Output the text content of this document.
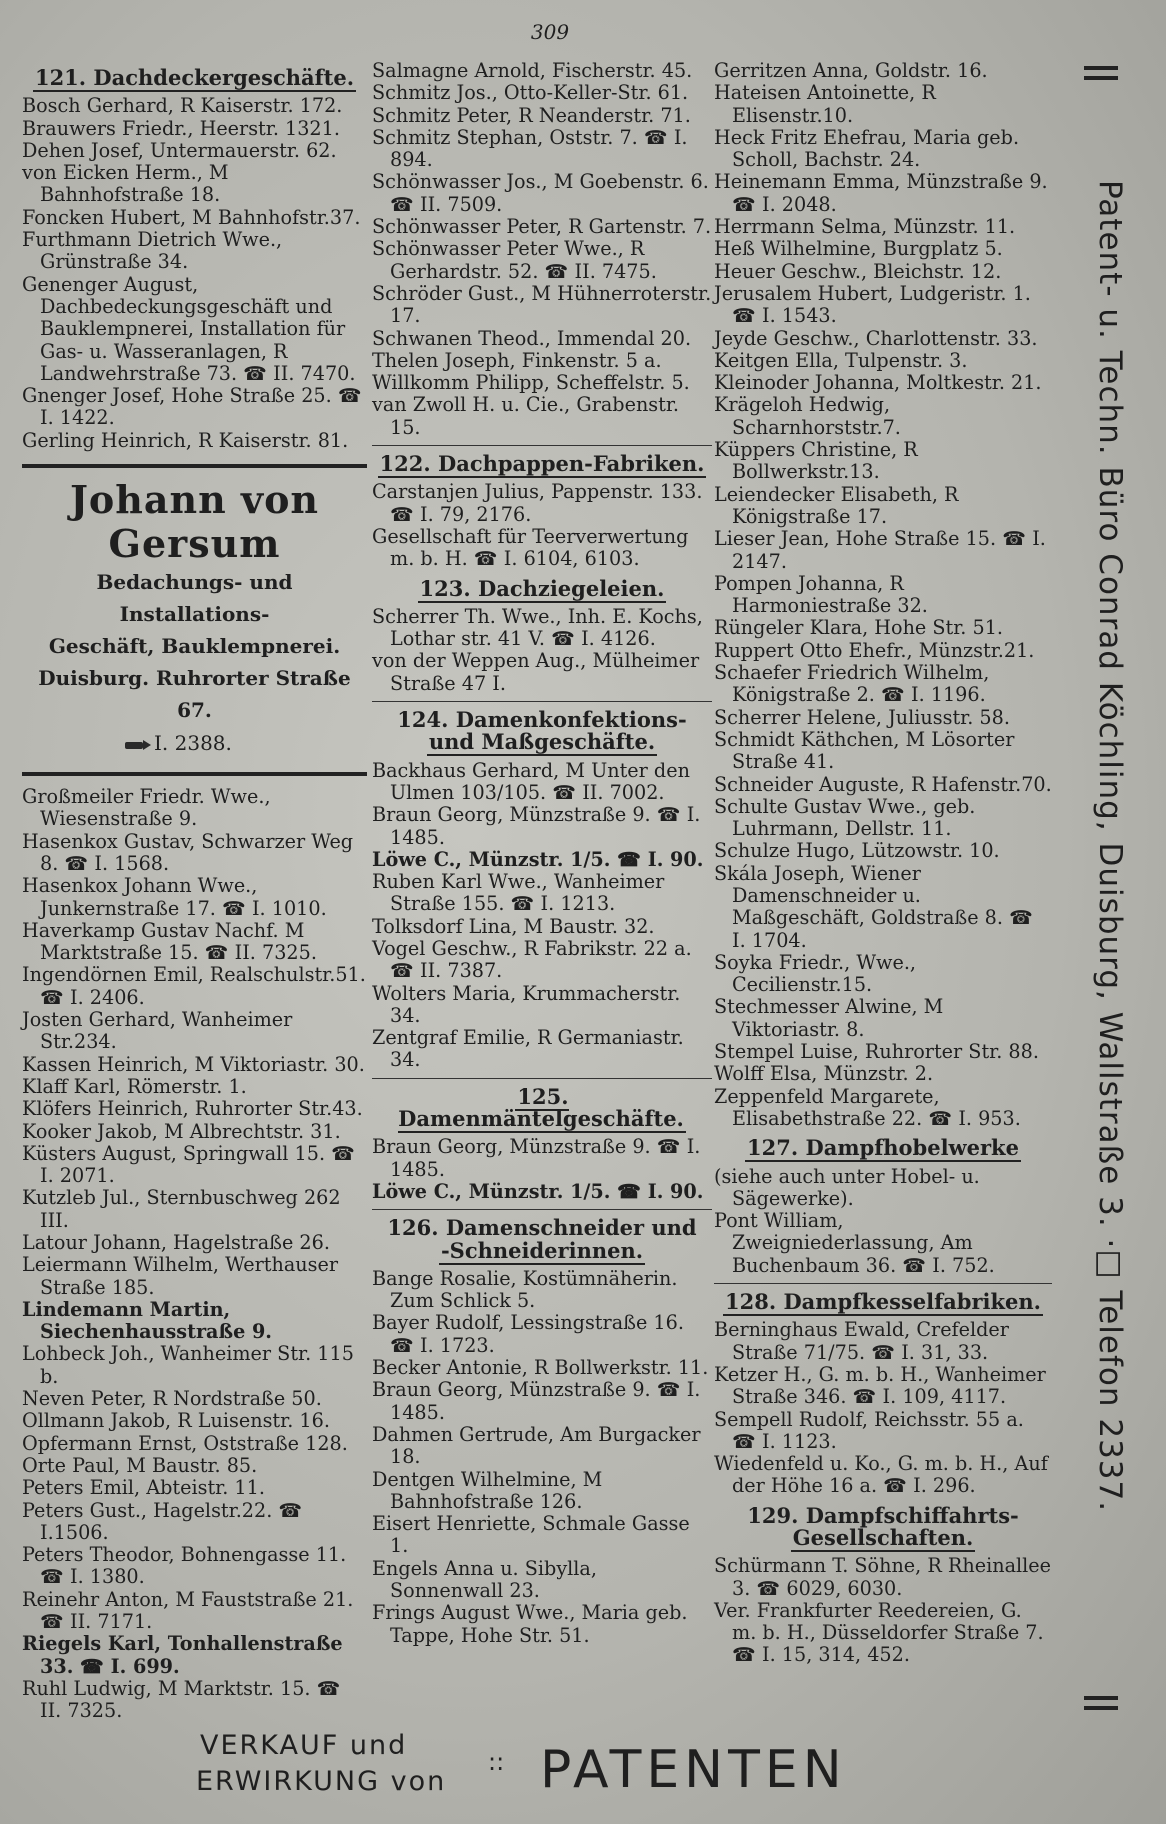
309
121. Dachdeckergeschäfte.
Bosch Gerhard, R Kaiserstr. 172.
Brauwers Friedr., Heerstr. 1321.
Dehen Josef, Untermauerstr. 62.
von Eicken Herm., M Bahnhofstraße 18.
Foncken Hubert, M Bahnhofstr.37.
Furthmann Dietrich Wwe., Grünstraße 34.
Genenger August, Dachbedeckungsgeschäft und Bauklempnerei, Installation für Gas- u. Wasseranlagen, R Landwehrstraße 73. ☎ II. 7470.
Gnenger Josef, Hohe Straße 25. ☎ I. 1422.
Gerling Heinrich, R Kaiserstr. 81.
Johann von Gersum
Bedachungs- und Installations-
Geschäft, Bauklempnerei.
Duisburg. Ruhrorter Straße 67.
I. 2388.
Großmeiler Friedr. Wwe., Wiesenstraße 9.
Hasenkox Gustav, Schwarzer Weg 8. ☎ I. 1568.
Hasenkox Johann Wwe., Junkernstraße 17. ☎ I. 1010.
Haverkamp Gustav Nachf. M Marktstraße 15. ☎ II. 7325.
Ingendörnen Emil, Realschulstr.51. ☎ I. 2406.
Josten Gerhard, Wanheimer Str.234.
Kassen Heinrich, M Viktoriastr. 30.
Klaff Karl, Römerstr. 1.
Klöfers Heinrich, Ruhrorter Str.43.
Kooker Jakob, M Albrechtstr. 31.
Küsters August, Springwall 15. ☎ I. 2071.
Kutzleb Jul., Sternbuschweg 262 III.
Latour Johann, Hagelstraße 26.
Leiermann Wilhelm, Werthauser Straße 185.
Lindemann Martin, Siechenhausstraße 9.
Lohbeck Joh., Wanheimer Str. 115 b.
Neven Peter, R Nordstraße 50.
Ollmann Jakob, R Luisenstr. 16.
Opfermann Ernst, Oststraße 128.
Orte Paul, M Baustr. 85.
Peters Emil, Abteistr. 11.
Peters Gust., Hagelstr.22. ☎ I.1506.
Peters Theodor, Bohnengasse 11. ☎ I. 1380.
Reinehr Anton, M Fauststraße 21. ☎ II. 7171.
Riegels Karl, Tonhallenstraße 33. ☎ I. 699.
Ruhl Ludwig, M Marktstr. 15. ☎ II. 7325.
Salmagne Arnold, Fischerstr. 45.
Schmitz Jos., Otto-Keller-Str. 61.
Schmitz Peter, R Neanderstr. 71.
Schmitz Stephan, Oststr. 7. ☎ I. 894.
Schönwasser Jos., M Goebenstr. 6. ☎ II. 7509.
Schönwasser Peter, R Gartenstr. 7.
Schönwasser Peter Wwe., R Gerhardstr. 52. ☎ II. 7475.
Schröder Gust., M Hühnerroterstr. 17.
Schwanen Theod., Immendal 20.
Thelen Joseph, Finkenstr. 5 a.
Willkomm Philipp, Scheffelstr. 5.
van Zwoll H. u. Cie., Grabenstr. 15.
122. Dachpappen-Fabriken.
Carstanjen Julius, Pappenstr. 133. ☎ I. 79, 2176.
Gesellschaft für Teerverwertung m. b. H. ☎ I. 6104, 6103.
123. Dachziegeleien.
Scherrer Th. Wwe., Inh. E. Kochs, Lothar str. 41 V. ☎ I. 4126.
von der Weppen Aug., Mülheimer Straße 47 I.
124. Damenkonfektions-
und Maßgeschäfte.
Backhaus Gerhard, M Unter den Ulmen 103/105. ☎ II. 7002.
Braun Georg, Münzstraße 9. ☎ I. 1485.
Löwe C., Münzstr. 1/5. ☎ I. 90.
Ruben Karl Wwe., Wanheimer Straße 155. ☎ I. 1213.
Tolksdorf Lina, M Baustr. 32.
Vogel Geschw., R Fabrikstr. 22 a. ☎ II. 7387.
Wolters Maria, Krummacherstr. 34.
Zentgraf Emilie, R Germaniastr. 34.
125. Damenmäntelgeschäfte.
Braun Georg, Münzstraße 9. ☎ I. 1485.
Löwe C., Münzstr. 1/5. ☎ I. 90.
126. Damenschneider und
-Schneiderinnen.
Bange Rosalie, Kostümnäherin. Zum Schlick 5.
Bayer Rudolf, Lessingstraße 16. ☎ I. 1723.
Becker Antonie, R Bollwerkstr. 11.
Braun Georg, Münzstraße 9. ☎ I. 1485.
Dahmen Gertrude, Am Burgacker 18.
Dentgen Wilhelmine, M Bahnhofstraße 126.
Eisert Henriette, Schmale Gasse 1.
Engels Anna u. Sibylla, Sonnenwall 23.
Frings August Wwe., Maria geb. Tappe, Hohe Str. 51.
Gerritzen Anna, Goldstr. 16.
Hateisen Antoinette, R Elisenstr.10.
Heck Fritz Ehefrau, Maria geb. Scholl, Bachstr. 24.
Heinemann Emma, Münzstraße 9. ☎ I. 2048.
Herrmann Selma, Münzstr. 11.
Heß Wilhelmine, Burgplatz 5.
Heuer Geschw., Bleichstr. 12.
Jerusalem Hubert, Ludgeristr. 1. ☎ I. 1543.
Jeyde Geschw., Charlottenstr. 33.
Keitgen Ella, Tulpenstr. 3.
Kleinoder Johanna, Moltkestr. 21.
Krägeloh Hedwig, Scharnhorststr.7.
Küppers Christine, R Bollwerkstr.13.
Leiendecker Elisabeth, R Königstraße 17.
Lieser Jean, Hohe Straße 15. ☎ I. 2147.
Pompen Johanna, R Harmoniestraße 32.
Rüngeler Klara, Hohe Str. 51.
Ruppert Otto Ehefr., Münzstr.21.
Schaefer Friedrich Wilhelm, Königstraße 2. ☎ I. 1196.
Scherrer Helene, Juliusstr. 58.
Schmidt Käthchen, M Lösorter Straße 41.
Schneider Auguste, R Hafenstr.70.
Schulte Gustav Wwe., geb. Luhrmann, Dellstr. 11.
Schulze Hugo, Lützowstr. 10.
Skála Joseph, Wiener Damenschneider u. Maßgeschäft, Goldstraße 8. ☎ I. 1704.
Soyka Friedr., Wwe., Cecilienstr.15.
Stechmesser Alwine, M Viktoriastr. 8.
Stempel Luise, Ruhrorter Str. 88.
Wolff Elsa, Münzstr. 2.
Zeppenfeld Margarete, Elisabethstraße 22. ☎ I. 953.
127. Dampfhobelwerke
(siehe auch unter Hobel- u. Sägewerke).
Pont William, Zweigniederlassung, Am Buchenbaum 36. ☎ I. 752.
128. Dampfkesselfabriken.
Berninghaus Ewald, Crefelder Straße 71/75. ☎ I. 31, 33.
Ketzer H., G. m. b. H., Wanheimer Straße 346. ☎ I. 109, 4117.
Sempell Rudolf, Reichsstr. 55 a. ☎ I. 1123.
Wiedenfeld u. Ko., G. m. b. H., Auf der Höhe 16 a. ☎ I. 296.
129. Dampfschiffahrts-
Gesellschaften.
Schürmann T. Söhne, R Rheinallee 3. ☎ 6029, 6030.
Ver. Frankfurter Reedereien, G. m. b. H., Düsseldorfer Straße 7. ☎ I. 15, 314, 452.
Patent- u. Techn. Büro Conrad Köchling, Duisburg, Wallstraße 3. ·□ Telefon 2337.
VERKAUF und
ERWIRKUNG von
:: PATENTEN
